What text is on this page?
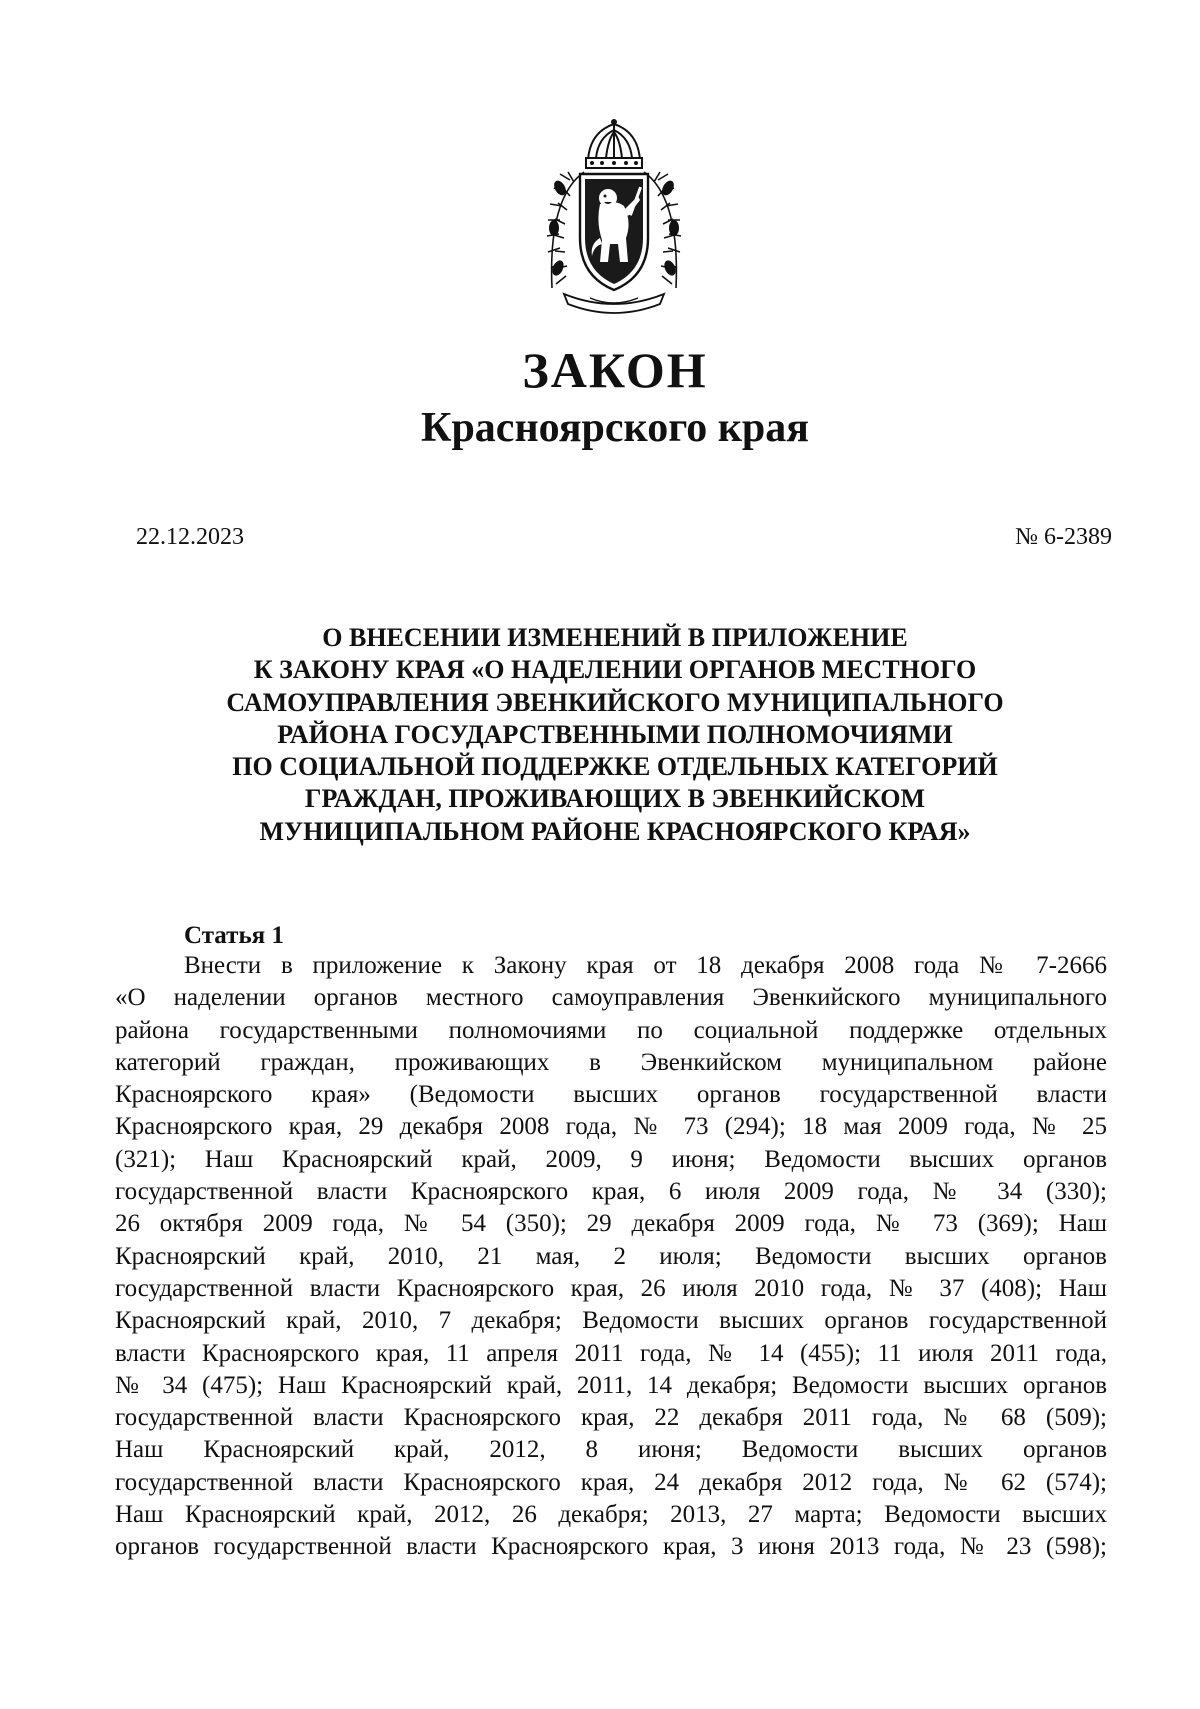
ЗАКОН
Красноярского края
22.12.2023	№ 6-2389
О ВНЕСЕНИИ ИЗМЕНЕНИЙ В ПРИЛОЖЕНИЕ
К ЗАКОНУ КРАЯ «О НАДЕЛЕНИИ ОРГАНОВ МЕСТНОГО
САМОУПРАВЛЕНИЯ ЭВЕНКИЙСКОГО МУНИЦИПАЛЬНОГО
РАЙОНА ГОСУДАРСТВЕННЫМИ ПОЛНОМОЧИЯМИ
ПО СОЦИАЛЬНОЙ ПОДДЕРЖКЕ ОТДЕЛЬНЫХ КАТЕГОРИЙ
ГРАЖДАН, ПРОЖИВАЮЩИХ В ЭВЕНКИЙСКОМ
МУНИЦИПАЛЬНОМ РАЙОНЕ КРАСНОЯРСКОГО КРАЯ»
Статья 1
Внести в приложение к Закону края от 18 декабря 2008 года № 7-2666
«О наделении органов местного самоуправления Эвенкийского муниципального
района государственными полномочиями по социальной поддержке отдельных
категорий граждан, проживающих в Эвенкийском муниципальном районе
Красноярского края» (Ведомости высших органов государственной власти
Красноярского края, 29 декабря 2008 года, № 73 (294); 18 мая 2009 года, № 25
(321); Наш Красноярский край, 2009, 9 июня; Ведомости высших органов
государственной власти Красноярского края, 6 июля 2009 года, № 34 (330);
26 октября 2009 года, № 54 (350); 29 декабря 2009 года, № 73 (369); Наш
Красноярский край, 2010, 21 мая, 2 июля; Ведомости высших органов
государственной власти Красноярского края, 26 июля 2010 года, № 37 (408); Наш
Красноярский край, 2010, 7 декабря; Ведомости высших органов государственной
власти Красноярского края, 11 апреля 2011 года, № 14 (455); 11 июля 2011 года,
№ 34 (475); Наш Красноярский край, 2011, 14 декабря; Ведомости высших органов
государственной власти Красноярского края, 22 декабря 2011 года, № 68 (509);
Наш Красноярский край, 2012, 8 июня; Ведомости высших органов
государственной власти Красноярского края, 24 декабря 2012 года, № 62 (574);
Наш Красноярский край, 2012, 26 декабря; 2013, 27 марта; Ведомости высших
органов государственной власти Красноярского края, 3 июня 2013 года, № 23 (598);
